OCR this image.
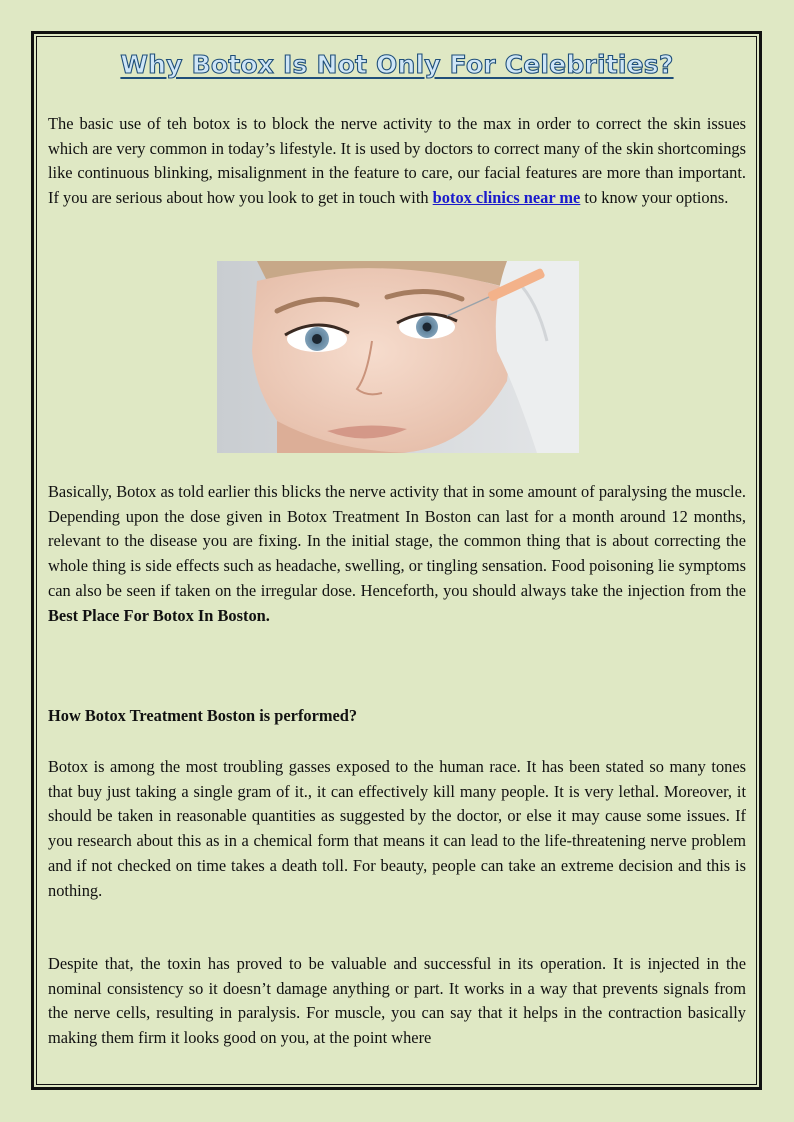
Why Botox Is Not Only For Celebrities?

The basic use of teh botox is to block the nerve activity to the max in order to correct the skin issues which are very common in today’s lifestyle. It is used by doctors to correct many of the skin shortcomings like continuous blinking, misalignment in the feature to care, our facial features are more than important. If you are serious about how you look to get in touch with botox clinics near me to know your options.

Basically, Botox as told earlier this blicks the nerve activity that in some amount of paralysing the muscle. Depending upon the dose given in Botox Treatment In Boston can last for a month around 12 months, relevant to the disease you are fixing. In the initial stage, the common thing that is about correcting the whole thing is side effects such as headache, swelling, or tingling sensation. Food poisoning lie symptoms can also be seen if taken on the irregular dose. Henceforth, you should always take the injection from the Best Place For Botox In Boston.

How Botox Treatment Boston is performed?

Botox is among the most troubling gasses exposed to the human race. It has been stated so many tones that buy just taking a single gram of it., it can effectively kill many people. It is very lethal. Moreover, it should be taken in reasonable quantities as suggested by the doctor, or else it may cause some issues. If you research about this as in a chemical form that means it can lead to the life-threatening nerve problem and if not checked on time takes a death toll. For beauty, people can take an extreme decision and this is nothing.

Despite that, the toxin has proved to be valuable and successful in its operation. It is injected in the nominal consistency so it doesn’t damage anything or part. It works in a way that prevents signals from the nerve cells, resulting in paralysis. For muscle, you can say that it helps in the contraction basically making them firm it looks good on you, at the point where
